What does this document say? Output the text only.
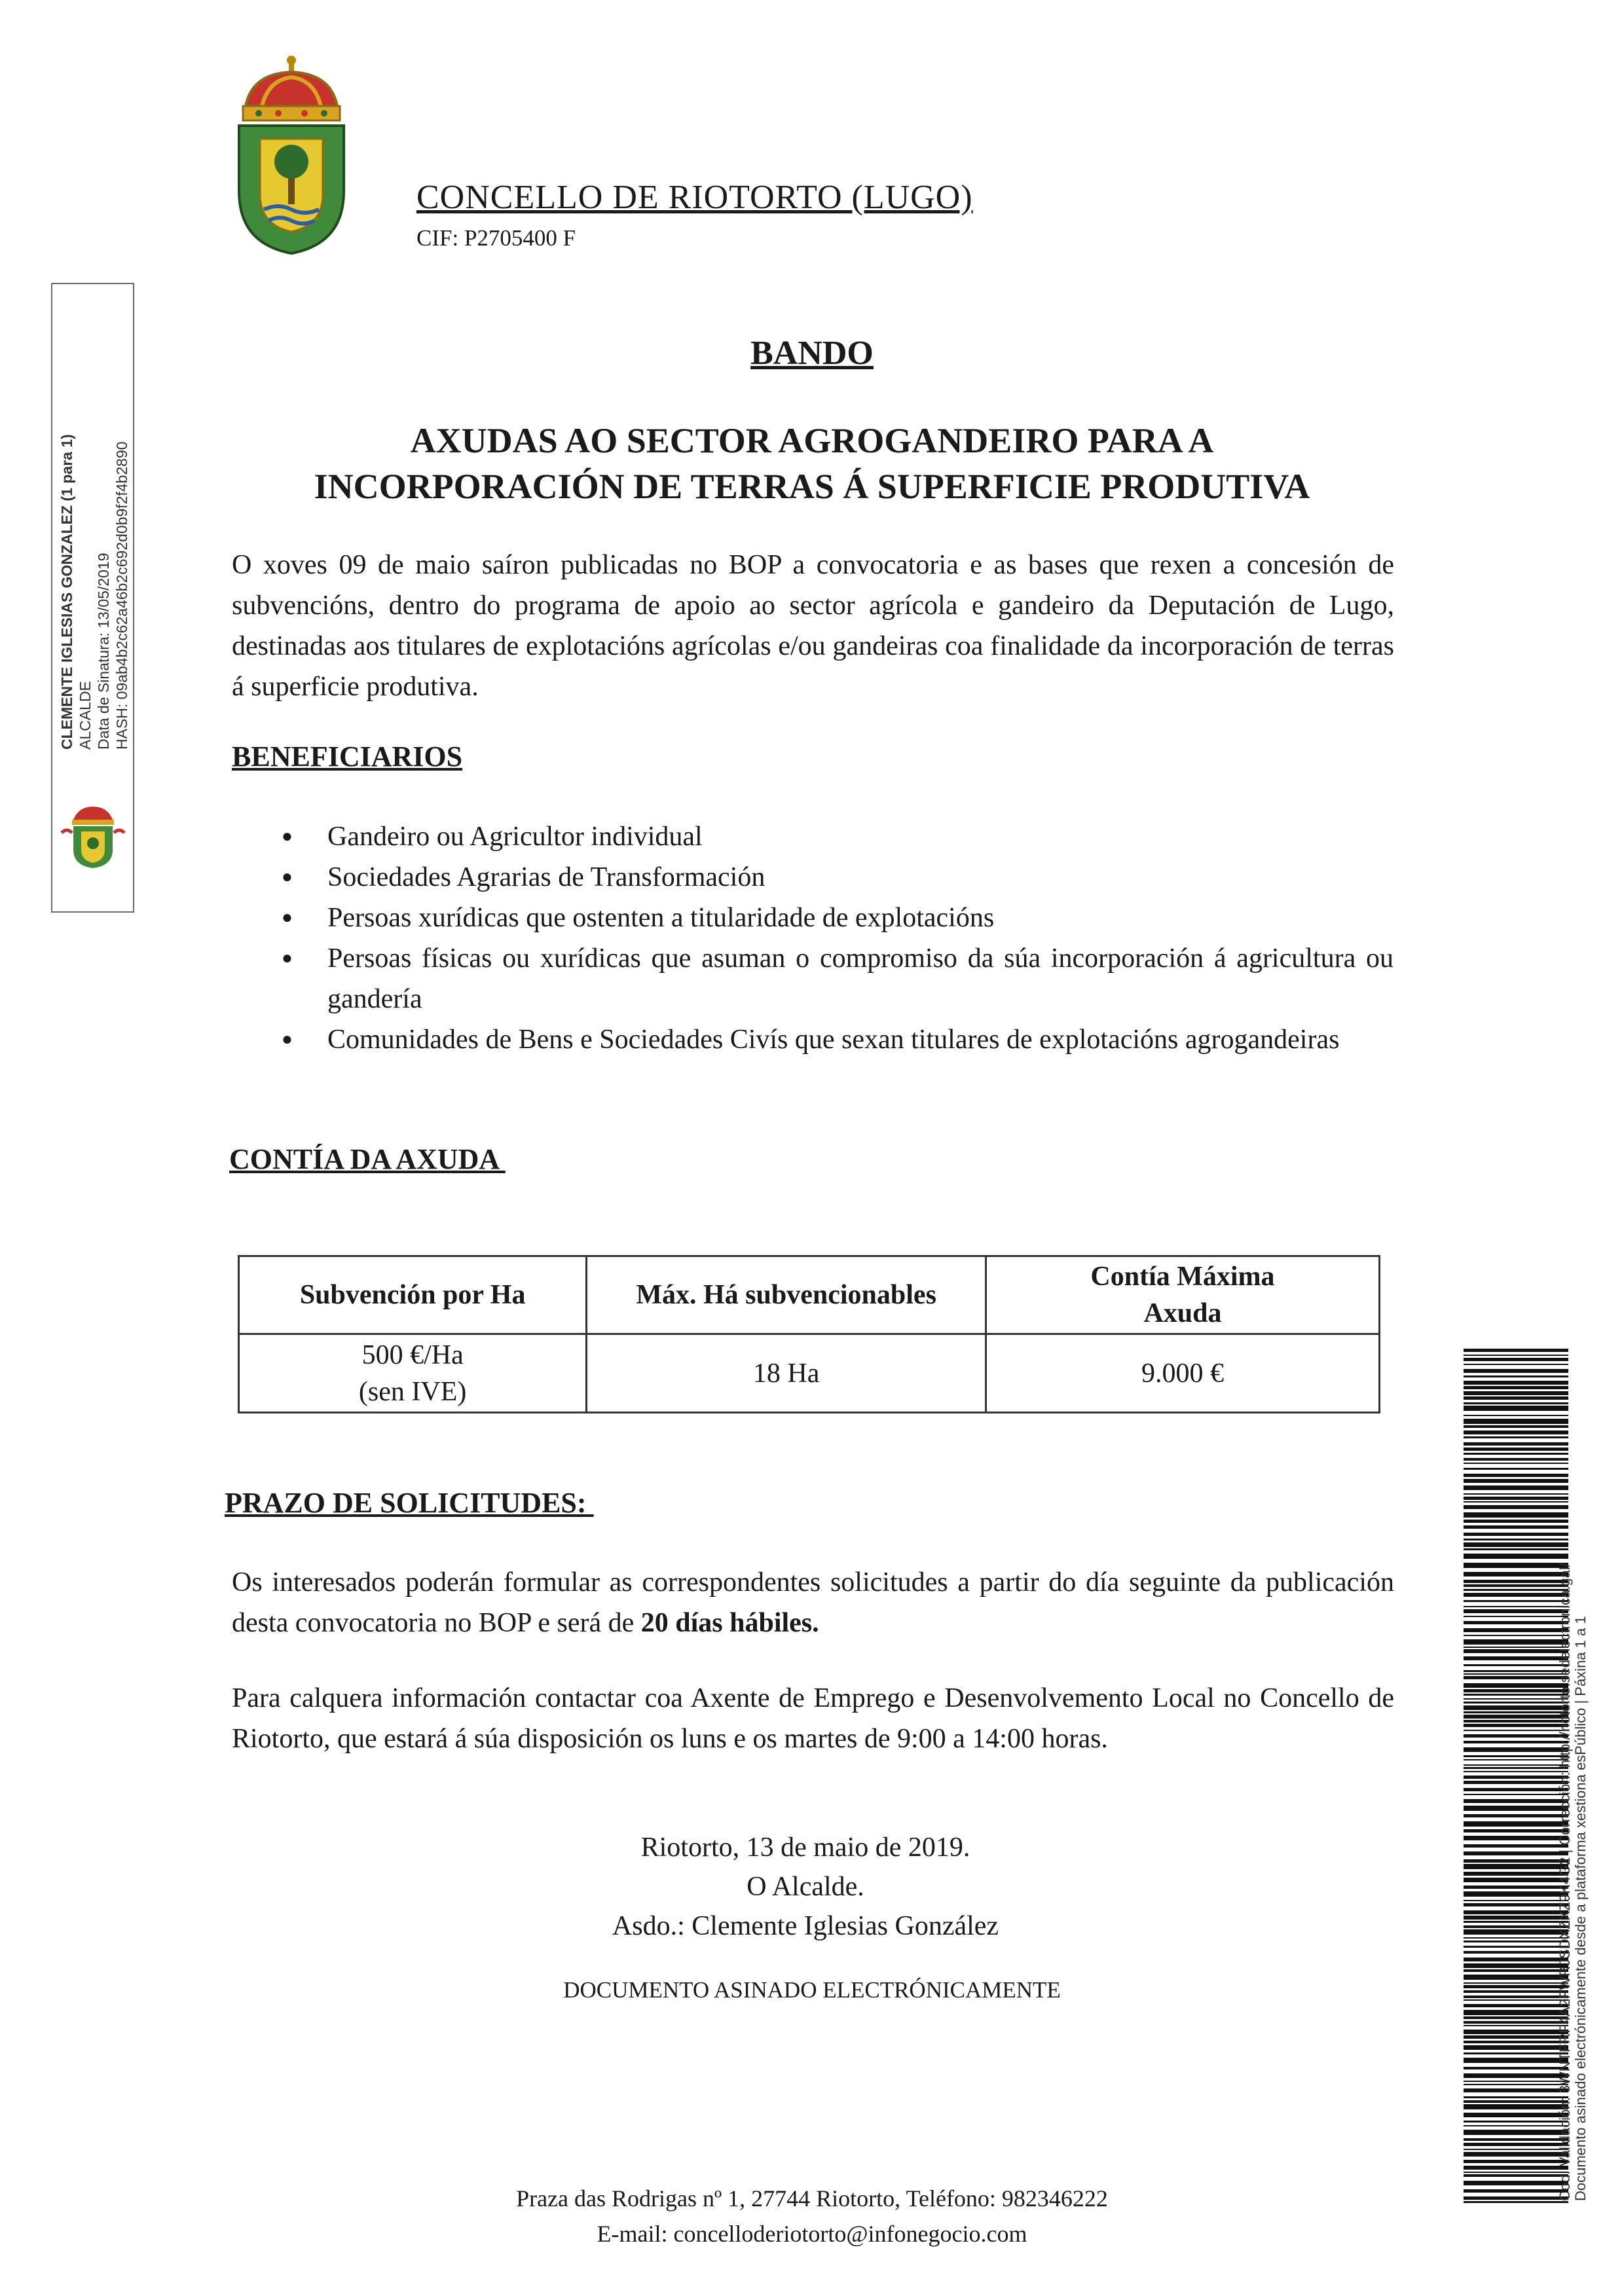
CONCELLO DE RIOTORTO (LUGO)
CIF: P2705400 F
CLEMENTE IGLESIAS GONZALEZ (1 para 1) ALCALDE Data de Sinatura: 13/05/2019 HASH: 09ab4b2c62a46b2c692d0b9f2f4b2890
BANDO
AXUDAS AO SECTOR AGROGANDEIRO PARA A
INCORPORACIÓN DE TERRAS Á SUPERFICIE PRODUTIVA
O xoves 09 de maio saíron publicadas no BOP a convocatoria e as bases que rexen a concesión de subvencións, dentro do programa de apoio ao sector agrícola e gandeiro da Deputación de Lugo, destinadas aos titulares de explotacións agrícolas e/ou gandeiras coa finalidade da incorporación de terras á superficie produtiva.
BENEFICIARIOS
● Gandeiro ou Agricultor individual
● Sociedades Agrarias de Transformación
● Persoas xurídicas que ostenten a titularidade de explotacións
● Persoas físicas ou xurídicas que asuman o compromiso da súa incorporación á agricultura ou gandería
● Comunidades de Bens e Sociedades Civís que sexan titulares de explotacións agrogandeiras
CONTÍA DA AXUDA
Subvención por Ha	Máx. Há subvencionables	Contía Máxima
Axuda
500 €/Ha
(sen IVE)	18 Ha	9.000 €
PRAZO DE SOLICITUDES:
Os interesados poderán formular as correspondentes solicitudes a partir do día seguinte da publicación desta convocatoria no BOP e será de 20 días hábiles.
Para calquera información contactar coa Axente de Emprego e Desenvolvemento Local no Concello de Riotorto, que estará á súa disposición os luns e os martes de 9:00 a 14:00 horas.
Riotorto, 13 de maio de 2019.
O Alcalde.
Asdo.: Clemente Iglesias González
DOCUMENTO ASINADO ELECTRÓNICAMENTE
Praza das Rodrigas nº 1, 27744 Riotorto, Teléfono: 982346222
E-mail: concelloderiotorto@infonegocio.com
Cod. Validación: 3WNTFRF4A2FWRJSDXZXZ9K4G2 | Corrección: http://riotorto.sedelectronica.gal/ Documento asinado electrónicamente desde a plataforma xestiona esPúblico | Páxina 1 a 1
